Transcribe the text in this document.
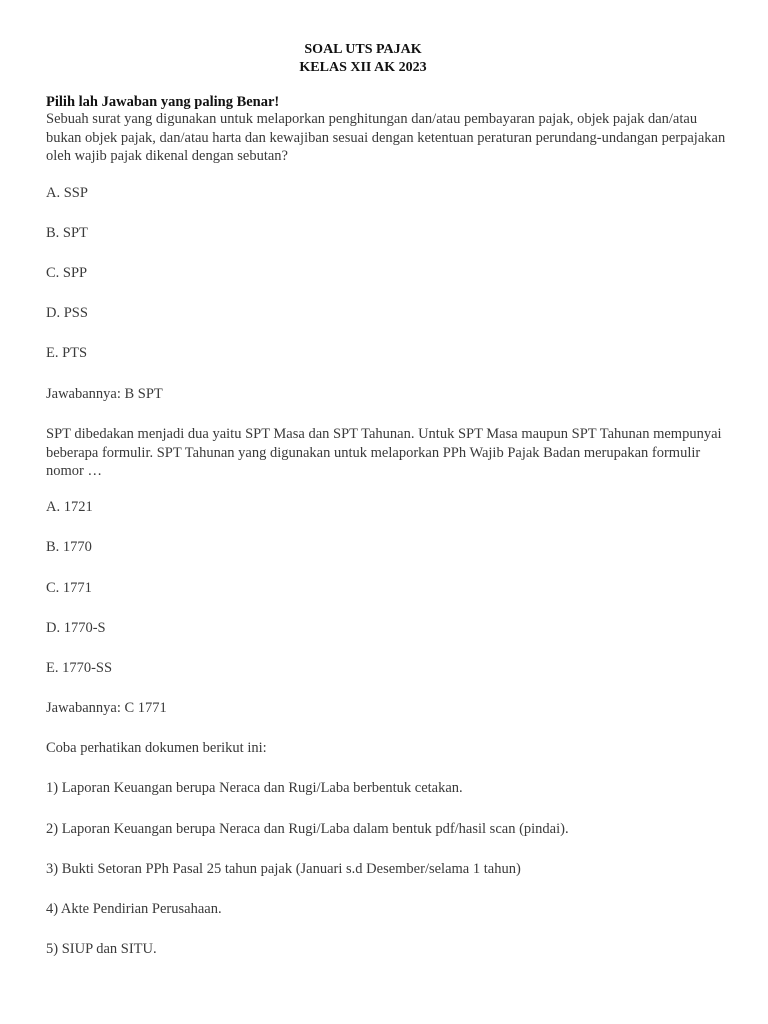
SOAL UTS PAJAK
KELAS XII AK 2023
Pilih lah Jawaban yang paling Benar!
Sebuah surat yang digunakan untuk melaporkan penghitungan dan/atau pembayaran pajak, objek pajak dan/atau bukan objek pajak, dan/atau harta dan kewajiban sesuai dengan ketentuan peraturan perundang-undangan perpajakan oleh wajib pajak dikenal dengan sebutan?
A. SSP
B. SPT
C. SPP
D. PSS
E. PTS
Jawabannya: B SPT
SPT dibedakan menjadi dua yaitu SPT Masa dan SPT Tahunan. Untuk SPT Masa maupun SPT Tahunan mempunyai beberapa formulir. SPT Tahunan yang digunakan untuk melaporkan PPh Wajib Pajak Badan merupakan formulir nomor …
A. 1721
B. 1770
C. 1771
D. 1770-S
E. 1770-SS
Jawabannya: C 1771
Coba perhatikan dokumen berikut ini:
1) Laporan Keuangan berupa Neraca dan Rugi/Laba berbentuk cetakan.
2) Laporan Keuangan berupa Neraca dan Rugi/Laba dalam bentuk pdf/hasil scan (pindai).
3) Bukti Setoran PPh Pasal 25 tahun pajak (Januari s.d Desember/selama 1 tahun)
4) Akte Pendirian Perusahaan.
5) SIUP dan SITU.
